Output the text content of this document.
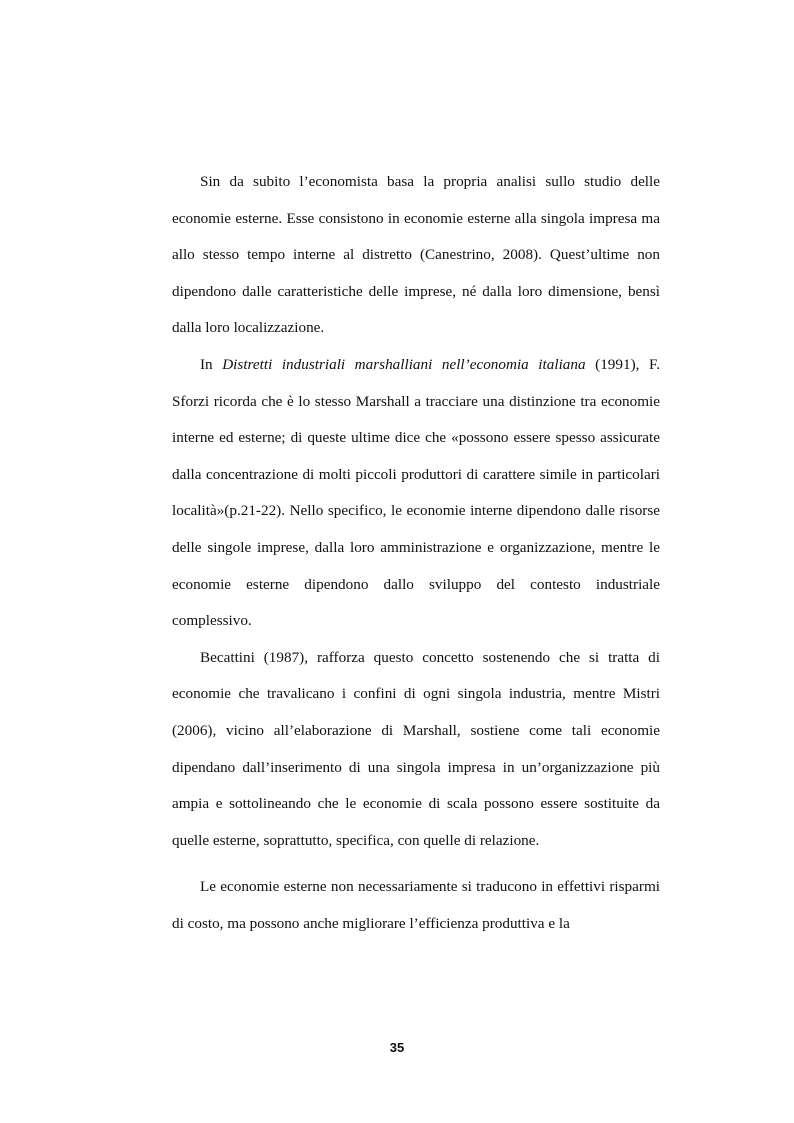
Sin da subito l’economista basa la propria analisi sullo studio delle economie esterne. Esse consistono in economie esterne alla singola impresa ma allo stesso tempo interne al distretto (Canestrino, 2008). Quest’ultime non dipendono dalle caratteristiche delle imprese, né dalla loro dimensione, bensì dalla loro localizzazione.

In Distretti industriali marshalliani nell’economia italiana (1991), F. Sforzi ricorda che è lo stesso Marshall a tracciare una distinzione tra economie interne ed esterne; di queste ultime dice che «possono essere spesso assicurate dalla concentrazione di molti piccoli produttori di carattere simile in particolari località»(p.21-22). Nello specifico, le economie interne dipendono dalle risorse delle singole imprese, dalla loro amministrazione e organizzazione, mentre le economie esterne dipendono dallo sviluppo del contesto industriale complessivo.

Becattini (1987), rafforza questo concetto sostenendo che si tratta di economie che travalicano i confini di ogni singola industria, mentre Mistri (2006), vicino all’elaborazione di Marshall, sostiene come tali economie dipendano dall’inserimento di una singola impresa in un’organizzazione più ampia e sottolineando che le economie di scala possono essere sostituite da quelle esterne, soprattutto, specifica, con quelle di relazione.

Le economie esterne non necessariamente si traducono in effettivi risparmi di costo, ma possono anche migliorare l’efficienza produttiva e la

35
